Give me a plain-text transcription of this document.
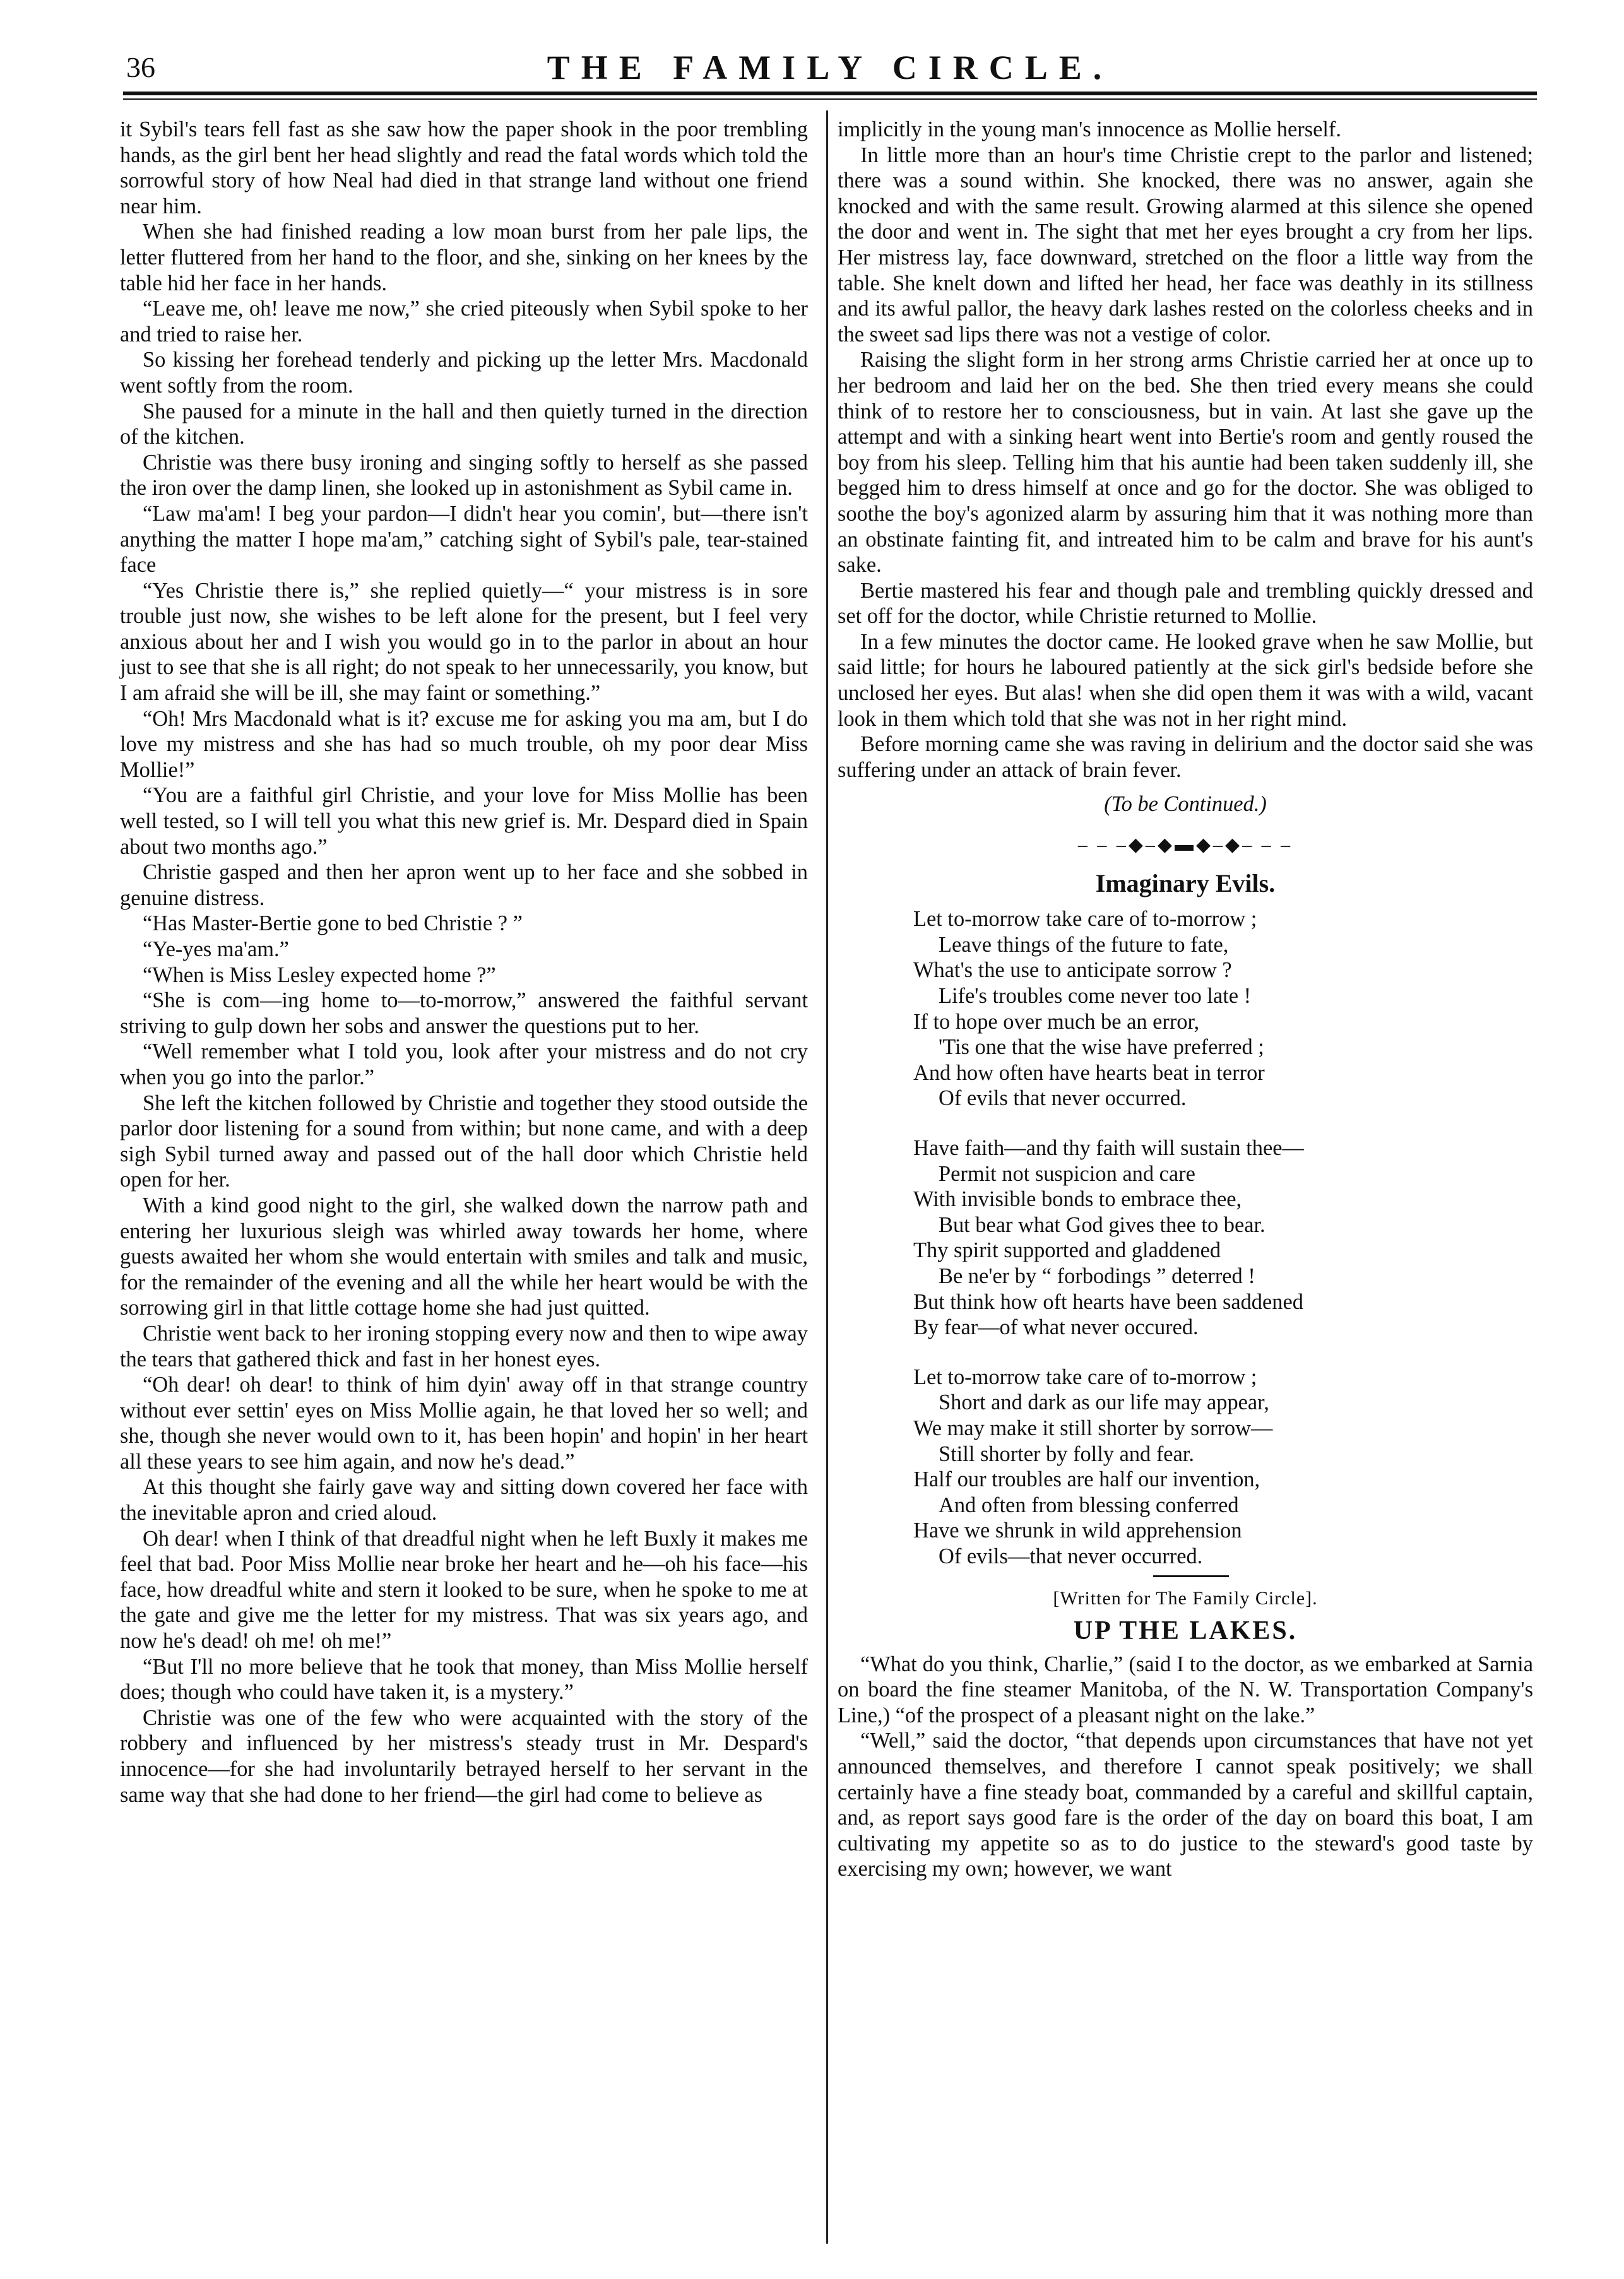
36	THE FAMILY CIRCLE.

it Sybil's tears fell fast as she saw how the paper shook in the poor trembling hands, as the girl bent her head slightly and read the fatal words which told the sorrowful story of how Neal had died in that strange land without one friend near him.

When she had finished reading a low moan burst from her pale lips, the letter fluttered from her hand to the floor, and she, sinking on her knees by the table hid her face in her hands.

“Leave me, oh! leave me now,” she cried piteously when Sybil spoke to her and tried to raise her.

So kissing her forehead tenderly and picking up the letter Mrs. Macdonald went softly from the room.

She paused for a minute in the hall and then quietly turned in the direction of the kitchen.

Christie was there busy ironing and singing softly to herself as she passed the iron over the damp linen, she looked up in astonishment as Sybil came in.

“Law ma'am! I beg your pardon—I didn't hear you comin', but—there isn't anything the matter I hope ma'am,” catching sight of Sybil's pale, tear-stained face

“Yes Christie there is,” she replied quietly—“ your mistress is in sore trouble just now, she wishes to be left alone for the present, but I feel very anxious about her and I wish you would go in to the parlor in about an hour just to see that she is all right; do not speak to her unnecessarily, you know, but I am afraid she will be ill, she may faint or something.”

“Oh! Mrs Macdonald what is it? excuse me for asking you ma am, but I do love my mistress and she has had so much trouble, oh my poor dear Miss Mollie!”

“You are a faithful girl Christie, and your love for Miss Mollie has been well tested, so I will tell you what this new grief is. Mr. Despard died in Spain about two months ago.”

Christie gasped and then her apron went up to her face and she sobbed in genuine distress.

“Has Master-Bertie gone to bed Christie ? ”

“Ye-yes ma'am.”

“When is Miss Lesley expected home ?”

“She is com—ing home to—to-morrow,” answered the faithful servant striving to gulp down her sobs and answer the questions put to her.

“Well remember what I told you, look after your mistress and do not cry when you go into the parlor.”

She left the kitchen followed by Christie and together they stood outside the parlor door listening for a sound from within; but none came, and with a deep sigh Sybil turned away and passed out of the hall door which Christie held open for her.

With a kind good night to the girl, she walked down the narrow path and entering her luxurious sleigh was whirled away towards her home, where guests awaited her whom she would entertain with smiles and talk and music, for the remainder of the evening and all the while her heart would be with the sorrowing girl in that little cottage home she had just quitted.

Christie went back to her ironing stopping every now and then to wipe away the tears that gathered thick and fast in her honest eyes.

“Oh dear! oh dear! to think of him dyin' away off in that strange country without ever settin' eyes on Miss Mollie again, he that loved her so well; and she, though she never would own to it, has been hopin' and hopin' in her heart all these years to see him again, and now he's dead.”

At this thought she fairly gave way and sitting down covered her face with the inevitable apron and cried aloud.

Oh dear! when I think of that dreadful night when he left Buxly it makes me feel that bad. Poor Miss Mollie near broke her heart and he—oh his face—his face, how dreadful white and stern it looked to be sure, when he spoke to me at the gate and give me the letter for my mistress. That was six years ago, and now he's dead! oh me! oh me!”

“But I'll no more believe that he took that money, than Miss Mollie herself does; though who could have taken it, is a mystery.”

Christie was one of the few who were acquainted with the story of the robbery and influenced by her mistress's steady trust in Mr. Despard's innocence—for she had involuntarily betrayed herself to her servant in the same way that she had done to her friend—the girl had come to believe as

implicitly in the young man's innocence as Mollie herself.

In little more than an hour's time Christie crept to the parlor and listened; there was a sound within. She knocked, there was no answer, again she knocked and with the same result. Growing alarmed at this silence she opened the door and went in. The sight that met her eyes brought a cry from her lips. Her mistress lay, face downward, stretched on the floor a little way from the table. She knelt down and lifted her head, her face was deathly in its stillness and its awful pallor, the heavy dark lashes rested on the colorless cheeks and in the sweet sad lips there was not a vestige of color.

Raising the slight form in her strong arms Christie carried her at once up to her bedroom and laid her on the bed. She then tried every means she could think of to restore her to consciousness, but in vain. At last she gave up the attempt and with a sinking heart went into Bertie's room and gently roused the boy from his sleep. Telling him that his auntie had been taken suddenly ill, she begged him to dress himself at once and go for the doctor. She was obliged to soothe the boy's agonized alarm by assuring him that it was nothing more than an obstinate fainting fit, and intreated him to be calm and brave for his aunt's sake.

Bertie mastered his fear and though pale and trembling quickly dressed and set off for the doctor, while Christie returned to Mollie.

In a few minutes the doctor came. He looked grave when he saw Mollie, but said little; for hours he laboured patiently at the sick girl's bedside before she unclosed her eyes. But alas! when she did open them it was with a wild, vacant look in them which told that she was not in her right mind.

Before morning came she was raving in delirium and the doctor said she was suffering under an attack of brain fever.

(To be Continued.)

– – –◆–◆▬◆–◆– – –
Imaginary Evils.
Let to-morrow take care of to-morrow ;
Leave things of the future to fate,
What's the use to anticipate sorrow ?
Life's troubles come never too late !
If to hope over much be an error,
'Tis one that the wise have preferred ;
And how often have hearts beat in terror
Of evils that never occurred.
Have faith—and thy faith will sustain thee—
Permit not suspicion and care
With invisible bonds to embrace thee,
But bear what God gives thee to bear.
Thy spirit supported and gladdened
Be ne'er by “ forbodings ” deterred !
But think how oft hearts have been saddened
By fear—of what never occured.
Let to-morrow take care of to-morrow ;
Short and dark as our life may appear,
We may make it still shorter by sorrow—
Still shorter by folly and fear.
Half our troubles are half our invention,
And often from blessing conferred
Have we shrunk in wild apprehension
Of evils—that never occurred.
[Written for The Family Circle].
UP THE LAKES.

“What do you think, Charlie,” (said I to the doctor, as we embarked at Sarnia on board the fine steamer Manitoba, of the N. W. Transportation Company's Line,) “of the prospect of a pleasant night on the lake.”

“Well,” said the doctor, “that depends upon circumstances that have not yet announced themselves, and therefore I cannot speak positively; we shall certainly have a fine steady boat, commanded by a careful and skillful captain, and, as report says good fare is the order of the day on board this boat, I am cultivating my appetite so as to do justice to the steward's good taste by exercising my own; however, we want
